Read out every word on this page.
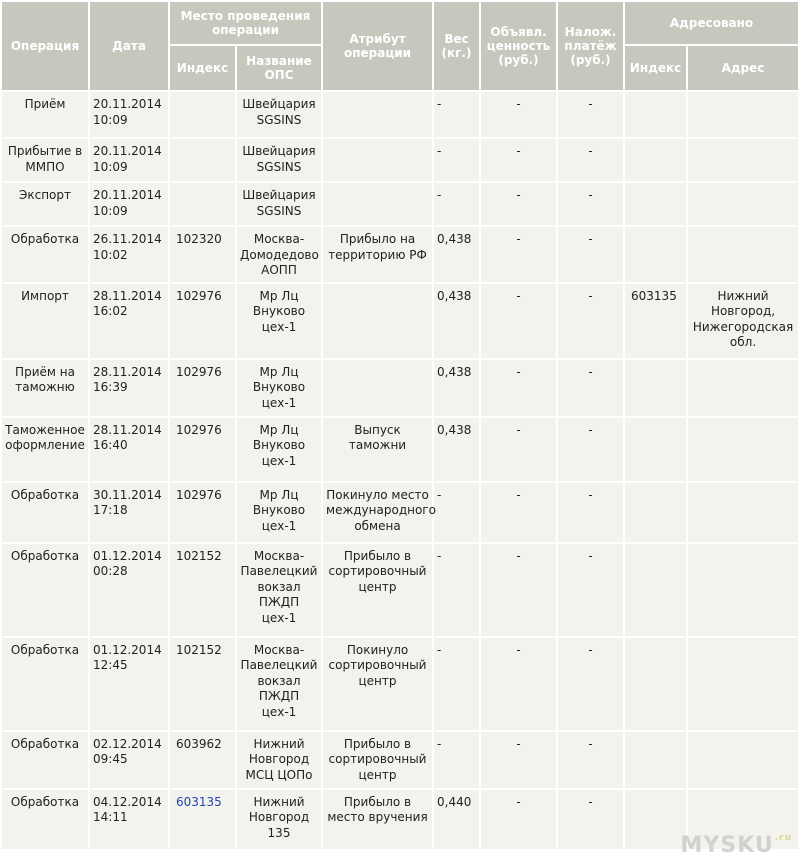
Операция	Дата	Место проведения операции		Атрибут операции	Вес (кг.)	Объявл. ценность (руб.)	Налож. платёж (руб.)	Адресовано	
		Индекс	Название ОПС					Индекс	Адрес
Приём	20.11.2014 10:09		Швейцария SGSINS		-	-	-		
Прибытие в ММПО	20.11.2014 10:09		Швейцария SGSINS		-	-	-		
Экспорт	20.11.2014 10:09		Швейцария SGSINS		-	-	-		
Обработка	26.11.2014 10:02	102320	Москва-Домодедово АОПП	Прибыло на территорию РФ	0,438	-	-		
Импорт	28.11.2014 16:02	102976	Мр Лц Внуково цех-1		0,438	-	-	603135	Нижний Новгород, Нижегородская обл.
Приём на таможню	28.11.2014 16:39	102976	Мр Лц Внуково цех-1		0,438	-	-		
Таможенное оформление	28.11.2014 16:40	102976	Мр Лц Внуково цех-1	Выпуск таможни	0,438	-	-		
Обработка	30.11.2014 17:18	102976	Мр Лц Внуково цех-1	Покинуло место международного обмена	-	-	-		
Обработка	01.12.2014 00:28	102152	Москва-Павелецкий вокзал ПЖДП цех-1	Прибыло в сортировочный центр	-	-	-		
Обработка	01.12.2014 12:45	102152	Москва-Павелецкий вокзал ПЖДП цех-1	Покинуло сортировочный центр	-	-	-		
Обработка	02.12.2014 09:45	603962	Нижний Новгород МСЦ ЦОПо	Прибыло в сортировочный центр	-	-	-		
Обработка	04.12.2014 14:11	603135	Нижний Новгород 135	Прибыло в место вручения	0,440	-	-		
$MYSKU^{.ru}$
